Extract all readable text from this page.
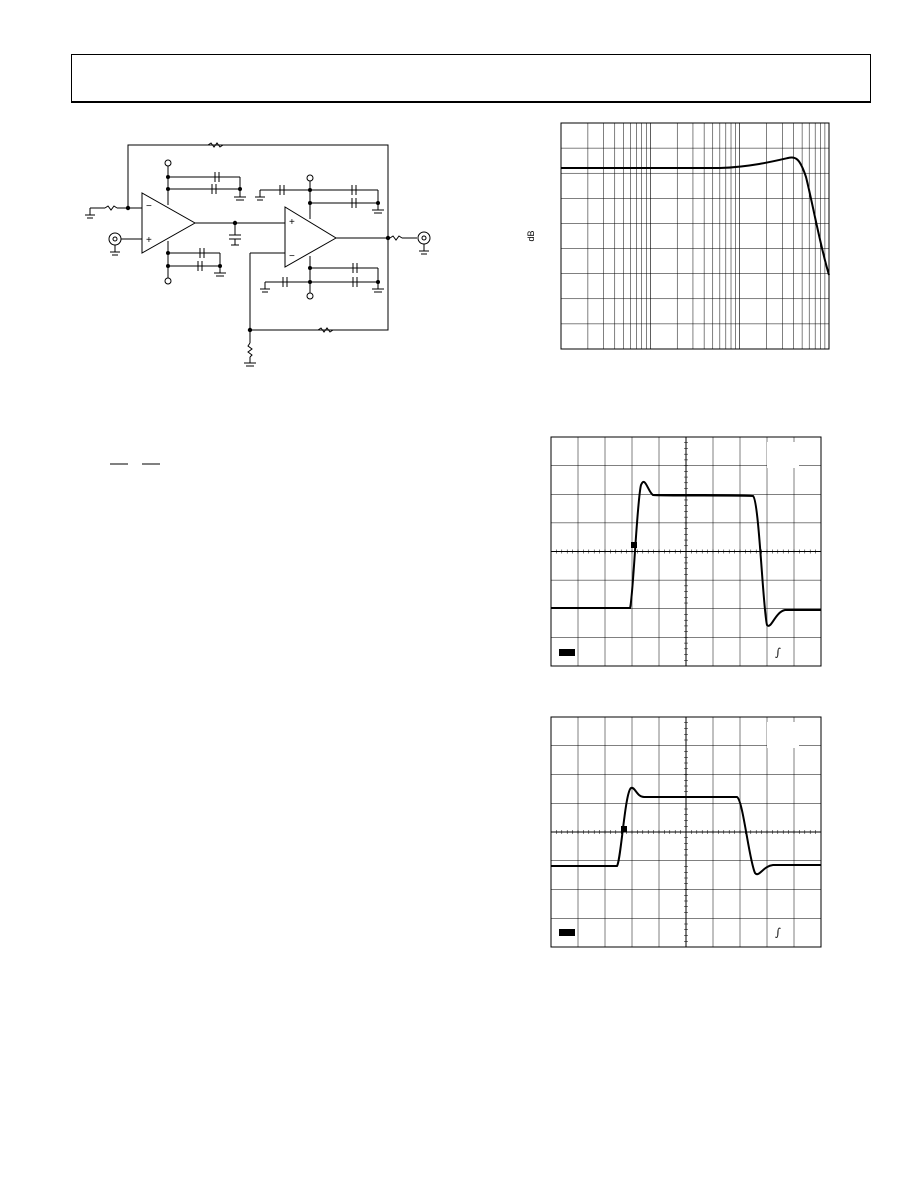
−
+
+
−
dB
∫
∫
